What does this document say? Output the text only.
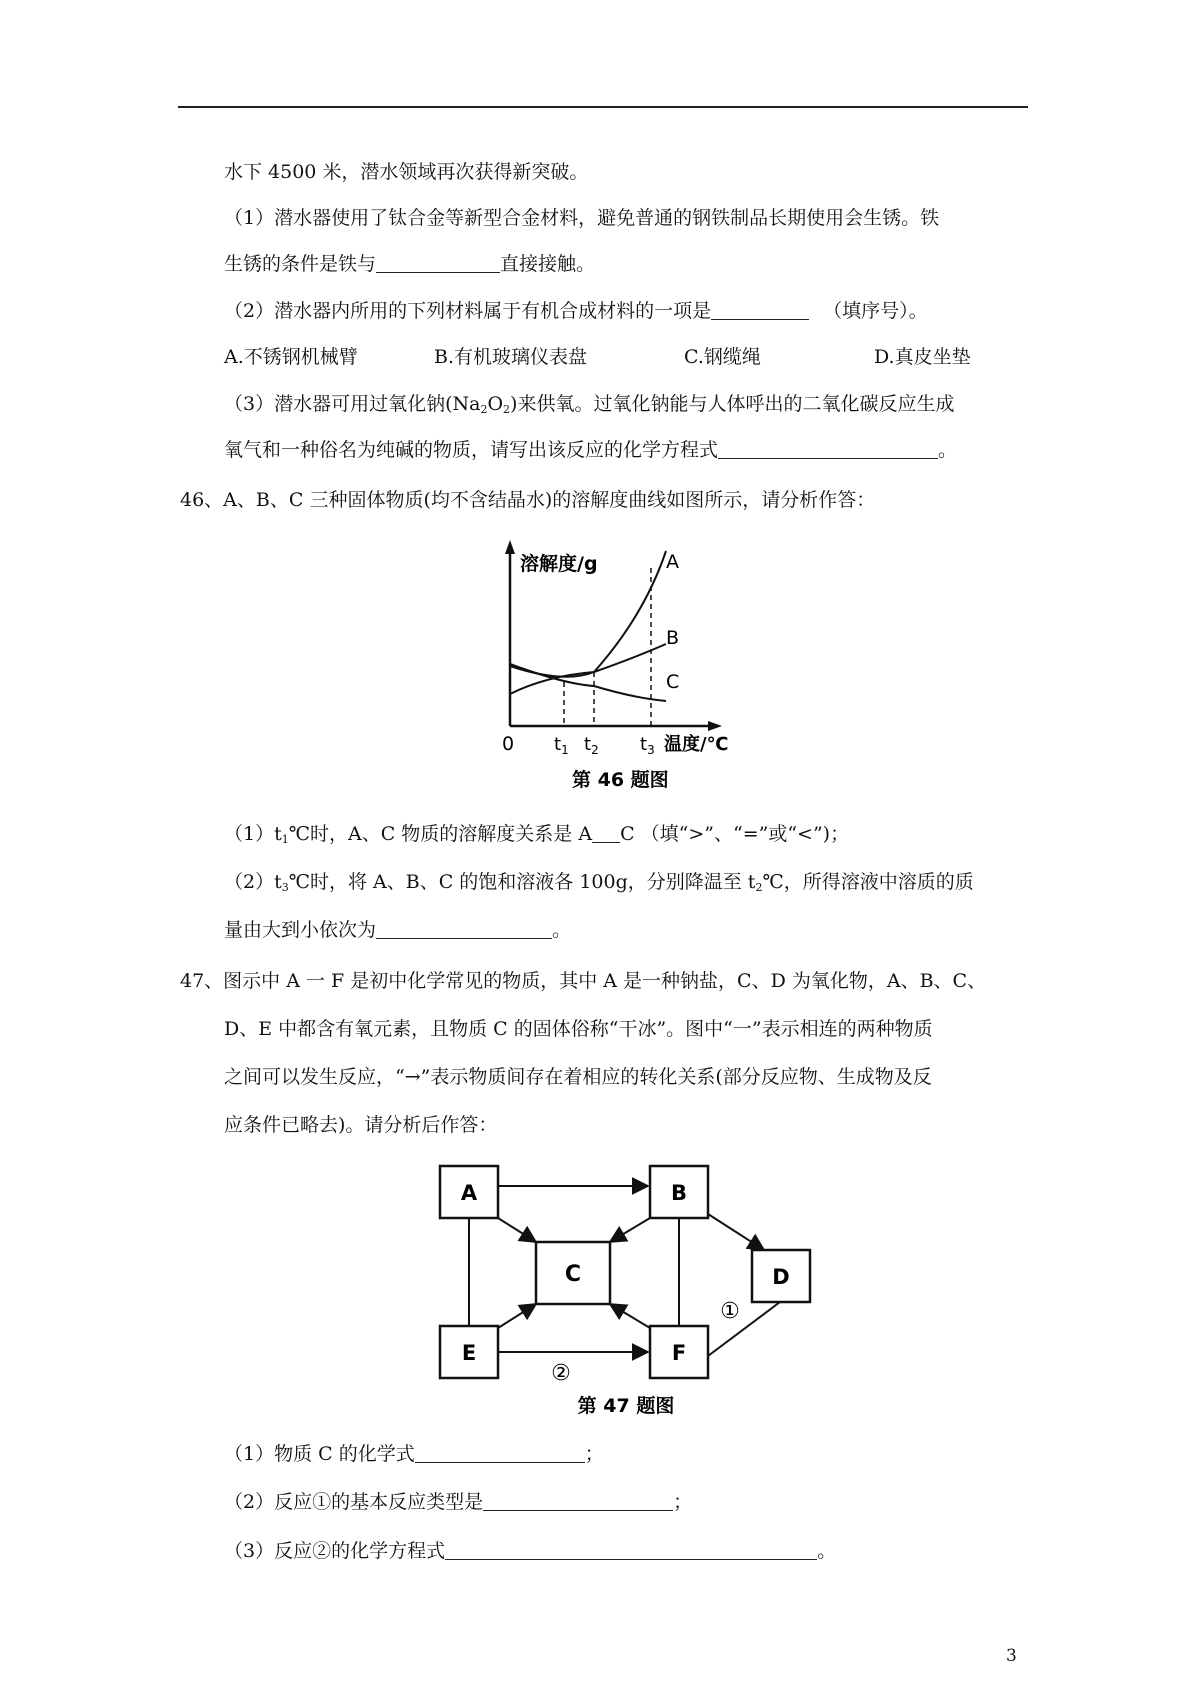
水下 4500 米，潜水领域再次获得新突破。
（1）潜水器使用了钛合金等新型合金材料，避免普通的钢铁制品长期使用会生锈。铁
生锈的条件是铁与	直接接触。
（2）潜水器内所用的下列材料属于有机合成材料的一项是	（填序号）。
A.不锈钢机械臂	B.有机玻璃仪表盘	C.钢缆绳	D.真皮坐垫
（3）潜水器可用过氧化钠$(Na_2O_2)$来供氧。过氧化钠能与人体呼出的二氧化碳反应生成
氧气和一种俗名为纯碱的物质，请写出该反应的化学方程式	。
46、A、B、C 三种固体物质(均不含结晶水)的溶解度曲线如图所示，请分析作答：
溶解度/g	A
B
C
0 $t_1$ $t_2$ $t_3$ 温度/℃
第 46 题图
$(1)t_1℃$时，A、C 物质的溶解度关系是 A C （填“>”、“=”或“<”)；
$(2)t_3℃$时，将 A、B、C 的饱和溶液各 100g，分别降温至 $t_2℃$，所得溶液中溶质的质
量由大到小依次为	。
47、图示中 A 一 F 是初中化学常见的物质，其中 A 是一种钠盐，C、D 为氧化物，A、B、C、
D、E 中都含有氧元素，且物质 C 的固体俗称“干冰”。图中“一”表示相连的两种物质
之间可以发生反应，“→”表示物质间存在着相应的转化关系(部分反应物、生成物及反
应条件已略去)。请分析后作答：
A	B
C	D
E	F
①
②
第 47 题图
（1）物质 C 的化学式	；
（2）反应①的基本反应类型是	；
（3）反应②的化学方程式	。
3
